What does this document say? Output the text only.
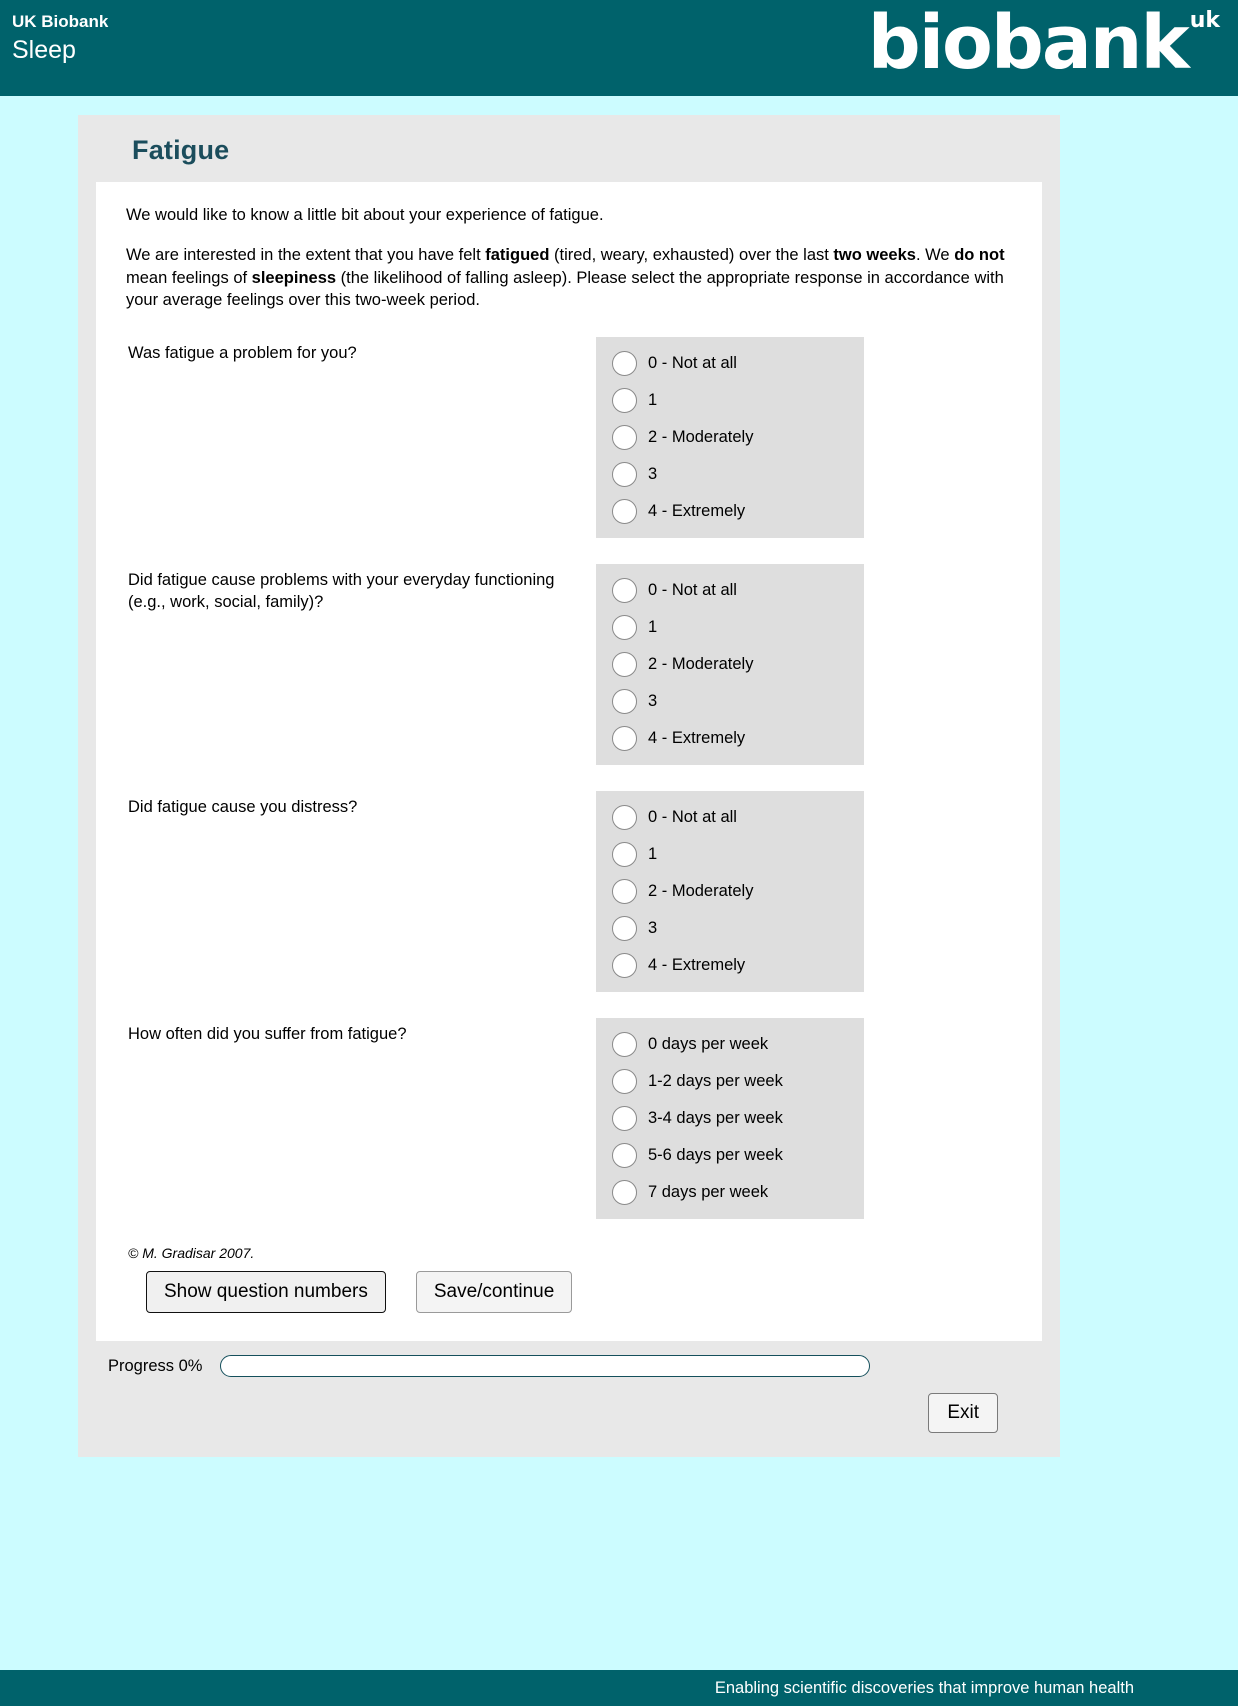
UK Biobank
Sleep	biobank uk
Fatigue

We would like to know a little bit about your experience of fatigue.

We are interested in the extent that you have felt fatigued (tired, weary, exhausted) over the last two weeks. We do not mean feelings of sleepiness (the likelihood of falling asleep). Please select the appropriate response in accordance with your average feelings over this two-week period.

Was fatigue a problem for you?
0 - Not at all
1
2 - Moderately
3
4 - Extremely
Did fatigue cause problems with your everyday functioning (e.g., work, social, family)?
0 - Not at all
1
2 - Moderately
3
4 - Extremely
Did fatigue cause you distress?
0 - Not at all
1
2 - Moderately
3
4 - Extremely
How often did you suffer from fatigue?
0 days per week
1-2 days per week
3-4 days per week
5-6 days per week
7 days per week
© M. Gradisar 2007.
Show question numbers	Save/continue
Progress 0%
Exit
Enabling scientific discoveries that improve human health
